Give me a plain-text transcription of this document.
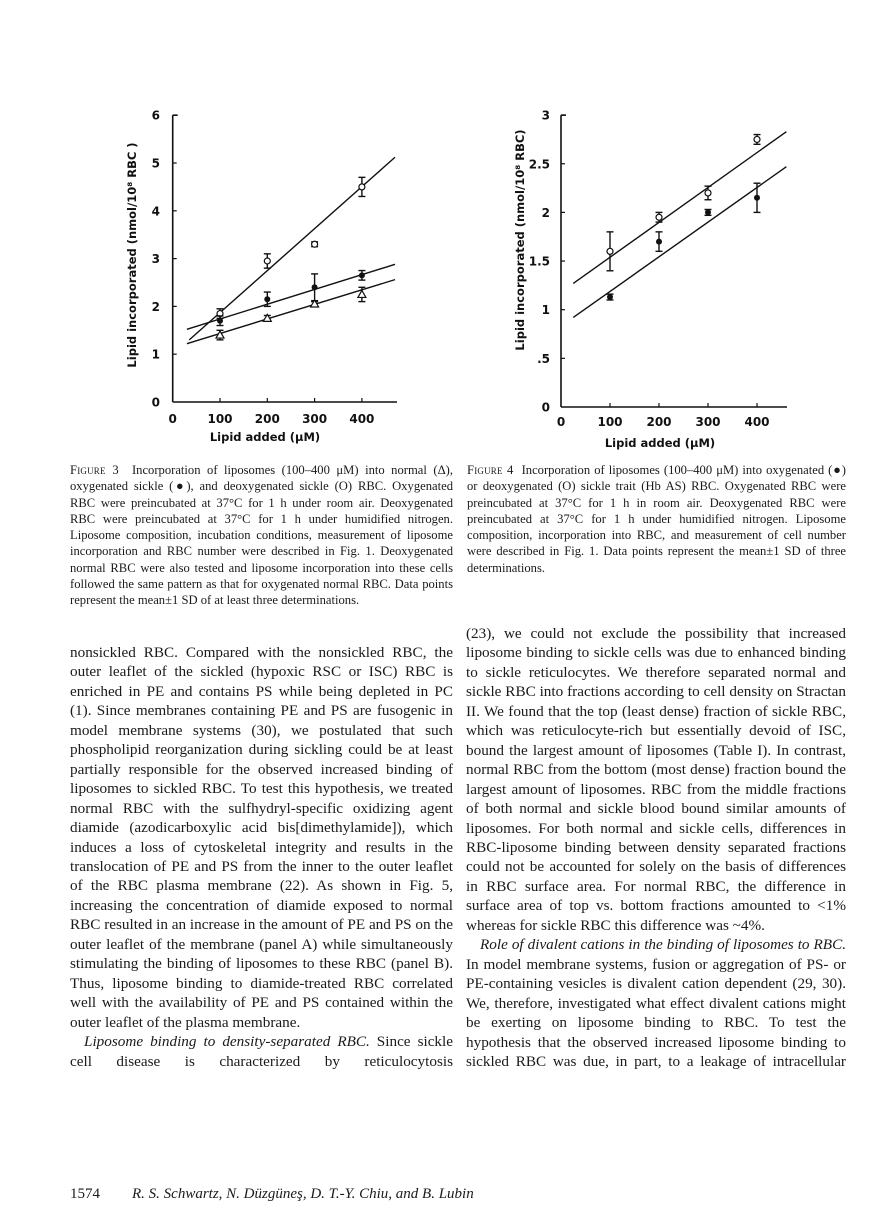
0	100 200 300 400
0
1
2
3
4
5
6
Lipid added (μM)
Lipid incorporated (nmol/10⁸ RBC )
0	100 200 300 400
0
.5
1
1.5
2
2.5
3
Lipid added (μM)
Lipid incorporated (nmol/10⁸ RBC)
Figure 3 Incorporation of liposomes (100–400 μM) into normal (Δ), oxygenated sickle (●), and deoxygenated sickle (O) RBC. Oxygenated RBC were preincubated at 37°C for 1 h under room air. Deoxygenated RBC were preincubated at 37°C for 1 h under humidified nitrogen. Liposome composition, incubation conditions, measurement of liposome incorporation and RBC number were described in Fig. 1. Deoxygenated normal RBC were also tested and liposome incorporation into these cells followed the same pattern as that for oxygenated normal RBC. Data points represent the mean±1 SD of at least three determinations.
Figure 4 Incorporation of liposomes (100–400 μM) into oxygenated (●) or deoxygenated (O) sickle trait (Hb AS) RBC. Oxygenated RBC were preincubated at 37°C for 1 h in room air. Deoxygenated RBC were preincubated at 37°C for 1 h under humidified nitrogen. Liposome composition, incorporation into RBC, and measurement of cell number were described in Fig. 1. Data points represent the mean±1 SD of three determinations.

nonsickled RBC. Compared with the nonsickled RBC, the outer leaflet of the sickled (hypoxic RSC or ISC) RBC is enriched in PE and contains PS while being depleted in PC (1). Since membranes containing PE and PS are fusogenic in model membrane systems (30), we postulated that such phospholipid reorganization during sickling could be at least partially responsible for the observed increased binding of liposomes to sickled RBC. To test this hypothesis, we treated normal RBC with the sulfhydryl-specific oxidizing agent diamide (azodicarboxylic acid bis[dimethylamide]), which induces a loss of cytoskeletal integrity and results in the translocation of PE and PS from the inner to the outer leaflet of the RBC plasma membrane (22). As shown in Fig. 5, increasing the concentration of diamide exposed to normal RBC resulted in an increase in the amount of PE and PS on the outer leaflet of the membrane (panel A) while simultaneously stimulating the binding of liposomes to these RBC (panel B). Thus, liposome binding to diamide-treated RBC correlated well with the availability of PE and PS contained within the outer leaflet of the plasma membrane.

Liposome binding to density-separated RBC. Since sickle cell disease is characterized by reticulocytosis

(23), we could not exclude the possibility that increased liposome binding to sickle cells was due to enhanced binding to sickle reticulocytes. We therefore separated normal and sickle RBC into fractions according to cell density on Stractan II. We found that the top (least dense) fraction of sickle RBC, which was reticulocyte-rich but essentially devoid of ISC, bound the largest amount of liposomes (Table I). In contrast, normal RBC from the bottom (most dense) fraction bound the largest amount of liposomes. RBC from the middle fractions of both normal and sickle blood bound similar amounts of liposomes. For both normal and sickle cells, differences in RBC-liposome binding between density separated fractions could not be accounted for solely on the basis of differences in RBC surface area. For normal RBC, the difference in surface area of top vs. bottom fractions amounted to <1% whereas for sickle RBC this difference was ~4%.

Role of divalent cations in the binding of liposomes to RBC. In model membrane systems, fusion or aggregation of PS- or PE-containing vesicles is divalent cation dependent (29, 30). We, therefore, investigated what effect divalent cations might be exerting on liposome binding to RBC. To test the hypothesis that the observed increased liposome binding to sickled RBC was due, in part, to a leakage of intracellular

1574 R. S. Schwartz, N. Düzgüneş, D. T.-Y. Chiu, and B. Lubin
